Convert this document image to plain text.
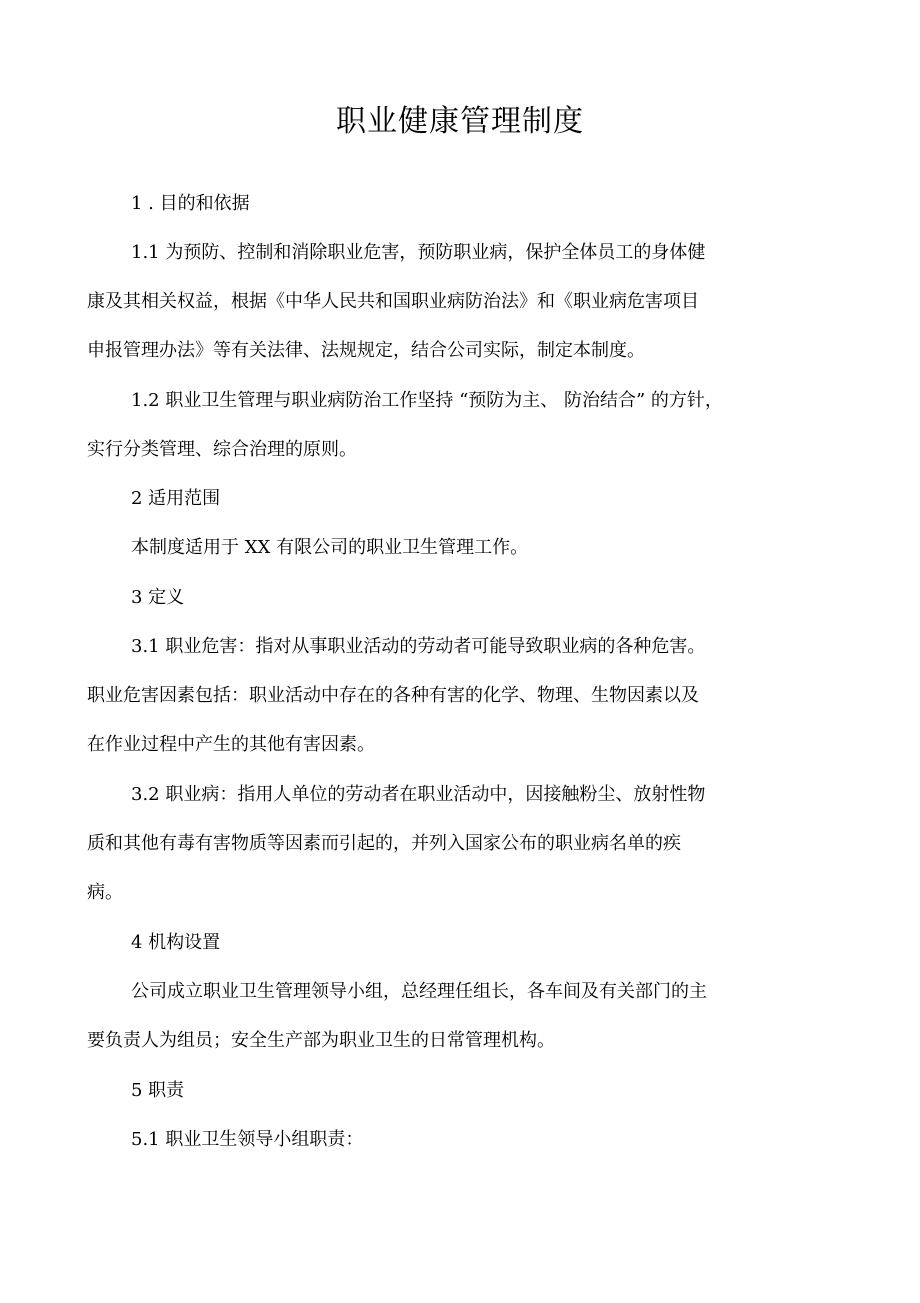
职业健康管理制度

1 . 目的和依据

1.1 为预防、控制和消除职业危害，预防职业病，保护全体员工的身体健

康及其相关权益，根据《中华人民共和国职业病防治法》和《职业病危害项目

申报管理办法》等有关法律、法规规定，结合公司实际，制定本制度。

1.2 职业卫生管理与职业病防治工作坚持 “预防为主、 防治结合” 的方针，

实行分类管理、综合治理的原则。

2 适用范围

本制度适用于 XX 有限公司的职业卫生管理工作。

3 定义

3.1 职业危害：指对从事职业活动的劳动者可能导致职业病的各种危害。

职业危害因素包括：职业活动中存在的各种有害的化学、物理、生物因素以及

在作业过程中产生的其他有害因素。

3.2 职业病：指用人单位的劳动者在职业活动中，因接触粉尘、放射性物

质和其他有毒有害物质等因素而引起的，并列入国家公布的职业病名单的疾

病。

4 机构设置

公司成立职业卫生管理领导小组，总经理任组长，各车间及有关部门的主

要负责人为组员；安全生产部为职业卫生的日常管理机构。

5 职责

5.1 职业卫生领导小组职责：
